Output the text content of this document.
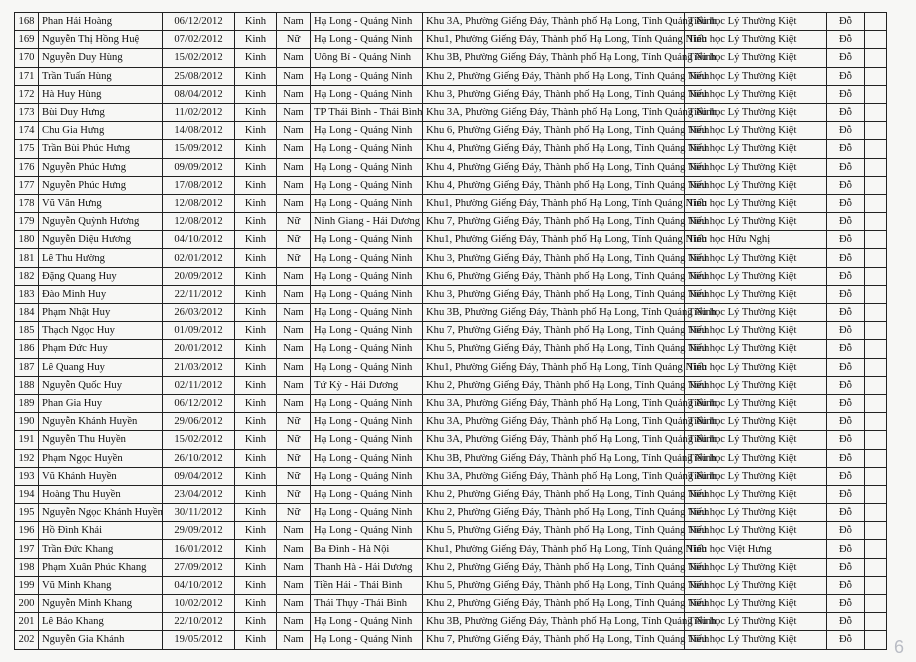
168	Phan Hải Hoàng	06/12/2012	Kinh	Nam	Hạ Long - Quảng Ninh	Khu 3A, Phường Giếng Đáy, Thành phố Hạ Long, Tỉnh Quảng Ninh	Tiểu học Lý Thường Kiệt	Đỗ	
169	Nguyễn Thị Hồng Huệ	07/02/2012	Kinh	Nữ	Hạ Long - Quảng Ninh	Khu1, Phường Giếng Đáy, Thành phố Hạ Long, Tỉnh Quảng Ninh	Tiểu học Lý Thường Kiệt	Đỗ	
170	Nguyễn Duy Hùng	15/02/2012	Kinh	Nam	Uông Bí - Quảng Ninh	Khu 3B, Phường Giếng Đáy, Thành phố Hạ Long, Tỉnh Quảng Ninh	Tiểu học Lý Thường Kiệt	Đỗ	
171	Trần Tuấn Hùng	25/08/2012	Kinh	Nam	Hạ Long - Quảng Ninh	Khu 2, Phường Giếng Đáy, Thành phố Hạ Long, Tỉnh Quảng Ninh	Tiểu học Lý Thường Kiệt	Đỗ	
172	Hà Huy Hùng	08/04/2012	Kinh	Nam	Hạ Long - Quảng Ninh	Khu 3, Phường Giếng Đáy, Thành phố Hạ Long, Tỉnh Quảng Ninh	Tiểu học Lý Thường Kiệt	Đỗ	
173	Bùi Duy Hưng	11/02/2012	Kinh	Nam	TP Thái Bình - Thái Bình	Khu 3A, Phường Giếng Đáy, Thành phố Hạ Long, Tỉnh Quảng Ninh	Tiểu học Lý Thường Kiệt	Đỗ	
174	Chu Gia Hưng	14/08/2012	Kinh	Nam	Hạ Long - Quảng Ninh	Khu 6, Phường Giếng Đáy, Thành phố Hạ Long, Tỉnh Quảng Ninh	Tiểu học Lý Thường Kiệt	Đỗ	
175	Trần Bùi Phúc Hưng	15/09/2012	Kinh	Nam	Hạ Long - Quảng Ninh	Khu 4, Phường Giếng Đáy, Thành phố Hạ Long, Tỉnh Quảng Ninh	Tiểu học Lý Thường Kiệt	Đỗ	
176	Nguyễn Phúc Hưng	09/09/2012	Kinh	Nam	Hạ Long - Quảng Ninh	Khu 4, Phường Giếng Đáy, Thành phố Hạ Long, Tỉnh Quảng Ninh	Tiểu học Lý Thường Kiệt	Đỗ	
177	Nguyễn Phúc Hưng	17/08/2012	Kinh	Nam	Hạ Long - Quảng Ninh	Khu 4, Phường Giếng Đáy, Thành phố Hạ Long, Tỉnh Quảng Ninh	Tiểu học Lý Thường Kiệt	Đỗ	
178	Vũ Văn Hưng	12/08/2012	Kinh	Nam	Hạ Long - Quảng Ninh	Khu1, Phường Giếng Đáy, Thành phố Hạ Long, Tỉnh Quảng Ninh	Tiểu học Lý Thường Kiệt	Đỗ	
179	Nguyễn Quỳnh Hương	12/08/2012	Kinh	Nữ	Ninh Giang - Hải Dương	Khu 7, Phường Giếng Đáy, Thành phố Hạ Long, Tỉnh Quảng Ninh	Tiểu học Lý Thường Kiệt	Đỗ	
180	Nguyễn Diệu Hương	04/10/2012	Kinh	Nữ	Hạ Long - Quảng Ninh	Khu1, Phường Giếng Đáy, Thành phố Hạ Long, Tỉnh Quảng Ninh	Tiểu học Hữu Nghị	Đỗ	
181	Lê Thu Hường	02/01/2012	Kinh	Nữ	Hạ Long - Quảng Ninh	Khu 3, Phường Giếng Đáy, Thành phố Hạ Long, Tỉnh Quảng Ninh	Tiểu học Lý Thường Kiệt	Đỗ	
182	Đặng Quang Huy	20/09/2012	Kinh	Nam	Hạ Long - Quảng Ninh	Khu 6, Phường Giếng Đáy, Thành phố Hạ Long, Tỉnh Quảng Ninh	Tiểu học Lý Thường Kiệt	Đỗ	
183	Đào Minh Huy	22/11/2012	Kinh	Nam	Hạ Long - Quảng Ninh	Khu 3, Phường Giếng Đáy, Thành phố Hạ Long, Tỉnh Quảng Ninh	Tiểu học Lý Thường Kiệt	Đỗ	
184	Phạm Nhật Huy	26/03/2012	Kinh	Nam	Hạ Long - Quảng Ninh	Khu 3B, Phường Giếng Đáy, Thành phố Hạ Long, Tỉnh Quảng Ninh	Tiểu học Lý Thường Kiệt	Đỗ	
185	Thạch Ngọc Huy	01/09/2012	Kinh	Nam	Hạ Long - Quảng Ninh	Khu 7, Phường Giếng Đáy, Thành phố Hạ Long, Tỉnh Quảng Ninh	Tiểu học Lý Thường Kiệt	Đỗ	
186	Phạm Đức Huy	20/01/2012	Kinh	Nam	Hạ Long - Quảng Ninh	Khu 5, Phường Giếng Đáy, Thành phố Hạ Long, Tỉnh Quảng Ninh	Tiểu học Lý Thường Kiệt	Đỗ	
187	Lê Quang Huy	21/03/2012	Kinh	Nam	Hạ Long - Quảng Ninh	Khu1, Phường Giếng Đáy, Thành phố Hạ Long, Tỉnh Quảng Ninh	Tiểu học Lý Thường Kiệt	Đỗ	
188	Nguyễn Quốc Huy	02/11/2012	Kinh	Nam	Tứ Kỳ - Hải Dương	Khu 2, Phường Giếng Đáy, Thành phố Hạ Long, Tỉnh Quảng Ninh	Tiểu học Lý Thường Kiệt	Đỗ	
189	Phan Gia Huy	06/12/2012	Kinh	Nam	Hạ Long - Quảng Ninh	Khu 3A, Phường Giếng Đáy, Thành phố Hạ Long, Tỉnh Quảng Ninh	Tiểu học Lý Thường Kiệt	Đỗ	
190	Nguyễn Khánh Huyền	29/06/2012	Kinh	Nữ	Hạ Long - Quảng Ninh	Khu 3A, Phường Giếng Đáy, Thành phố Hạ Long, Tỉnh Quảng Ninh	Tiểu học Lý Thường Kiệt	Đỗ	
191	Nguyễn Thu Huyền	15/02/2012	Kinh	Nữ	Hạ Long - Quảng Ninh	Khu 3A, Phường Giếng Đáy, Thành phố Hạ Long, Tỉnh Quảng Ninh	Tiểu học Lý Thường Kiệt	Đỗ	
192	Phạm Ngọc Huyền	26/10/2012	Kinh	Nữ	Hạ Long - Quảng Ninh	Khu 3B, Phường Giếng Đáy, Thành phố Hạ Long, Tỉnh Quảng Ninh	Tiểu học Lý Thường Kiệt	Đỗ	
193	Vũ Khánh Huyền	09/04/2012	Kinh	Nữ	Hạ Long - Quảng Ninh	Khu 3A, Phường Giếng Đáy, Thành phố Hạ Long, Tỉnh Quảng Ninh	Tiểu học Lý Thường Kiệt	Đỗ	
194	Hoàng Thu Huyền	23/04/2012	Kinh	Nữ	Hạ Long - Quảng Ninh	Khu 2, Phường Giếng Đáy, Thành phố Hạ Long, Tỉnh Quảng Ninh	Tiểu học Lý Thường Kiệt	Đỗ	
195	Nguyễn Ngọc Khánh Huyền	30/11/2012	Kinh	Nữ	Hạ Long - Quảng Ninh	Khu 2, Phường Giếng Đáy, Thành phố Hạ Long, Tỉnh Quảng Ninh	Tiểu học Lý Thường Kiệt	Đỗ	
196	Hồ Đình Khải	29/09/2012	Kinh	Nam	Hạ Long - Quảng Ninh	Khu 5, Phường Giếng Đáy, Thành phố Hạ Long, Tỉnh Quảng Ninh	Tiểu học Lý Thường Kiệt	Đỗ	
197	Trần Đức Khang	16/01/2012	Kinh	Nam	Ba Đình - Hà Nội	Khu1, Phường Giếng Đáy, Thành phố Hạ Long, Tỉnh Quảng Ninh	Tiểu học Việt Hưng	Đỗ	
198	Phạm Xuân Phúc Khang	27/09/2012	Kinh	Nam	Thanh Hà - Hải Dương	Khu 2, Phường Giếng Đáy, Thành phố Hạ Long, Tỉnh Quảng Ninh	Tiểu học Lý Thường Kiệt	Đỗ	
199	Vũ Minh Khang	04/10/2012	Kinh	Nam	Tiền Hải - Thái Bình	Khu 5, Phường Giếng Đáy, Thành phố Hạ Long, Tỉnh Quảng Ninh	Tiểu học Lý Thường Kiệt	Đỗ	
200	Nguyễn Minh Khang	10/02/2012	Kinh	Nam	Thái Thụy -Thái Bình	Khu 2, Phường Giếng Đáy, Thành phố Hạ Long, Tỉnh Quảng Ninh	Tiểu học Lý Thường Kiệt	Đỗ	
201	Lê Bảo Khang	22/10/2012	Kinh	Nam	Hạ Long - Quảng Ninh	Khu 3B, Phường Giếng Đáy, Thành phố Hạ Long, Tỉnh Quảng Ninh	Tiểu học Lý Thường Kiệt	Đỗ	
202	Nguyễn Gia Khánh	19/05/2012	Kinh	Nam	Hạ Long - Quảng Ninh	Khu 7, Phường Giếng Đáy, Thành phố Hạ Long, Tỉnh Quảng Ninh	Tiểu học Lý Thường Kiệt	Đỗ	6
